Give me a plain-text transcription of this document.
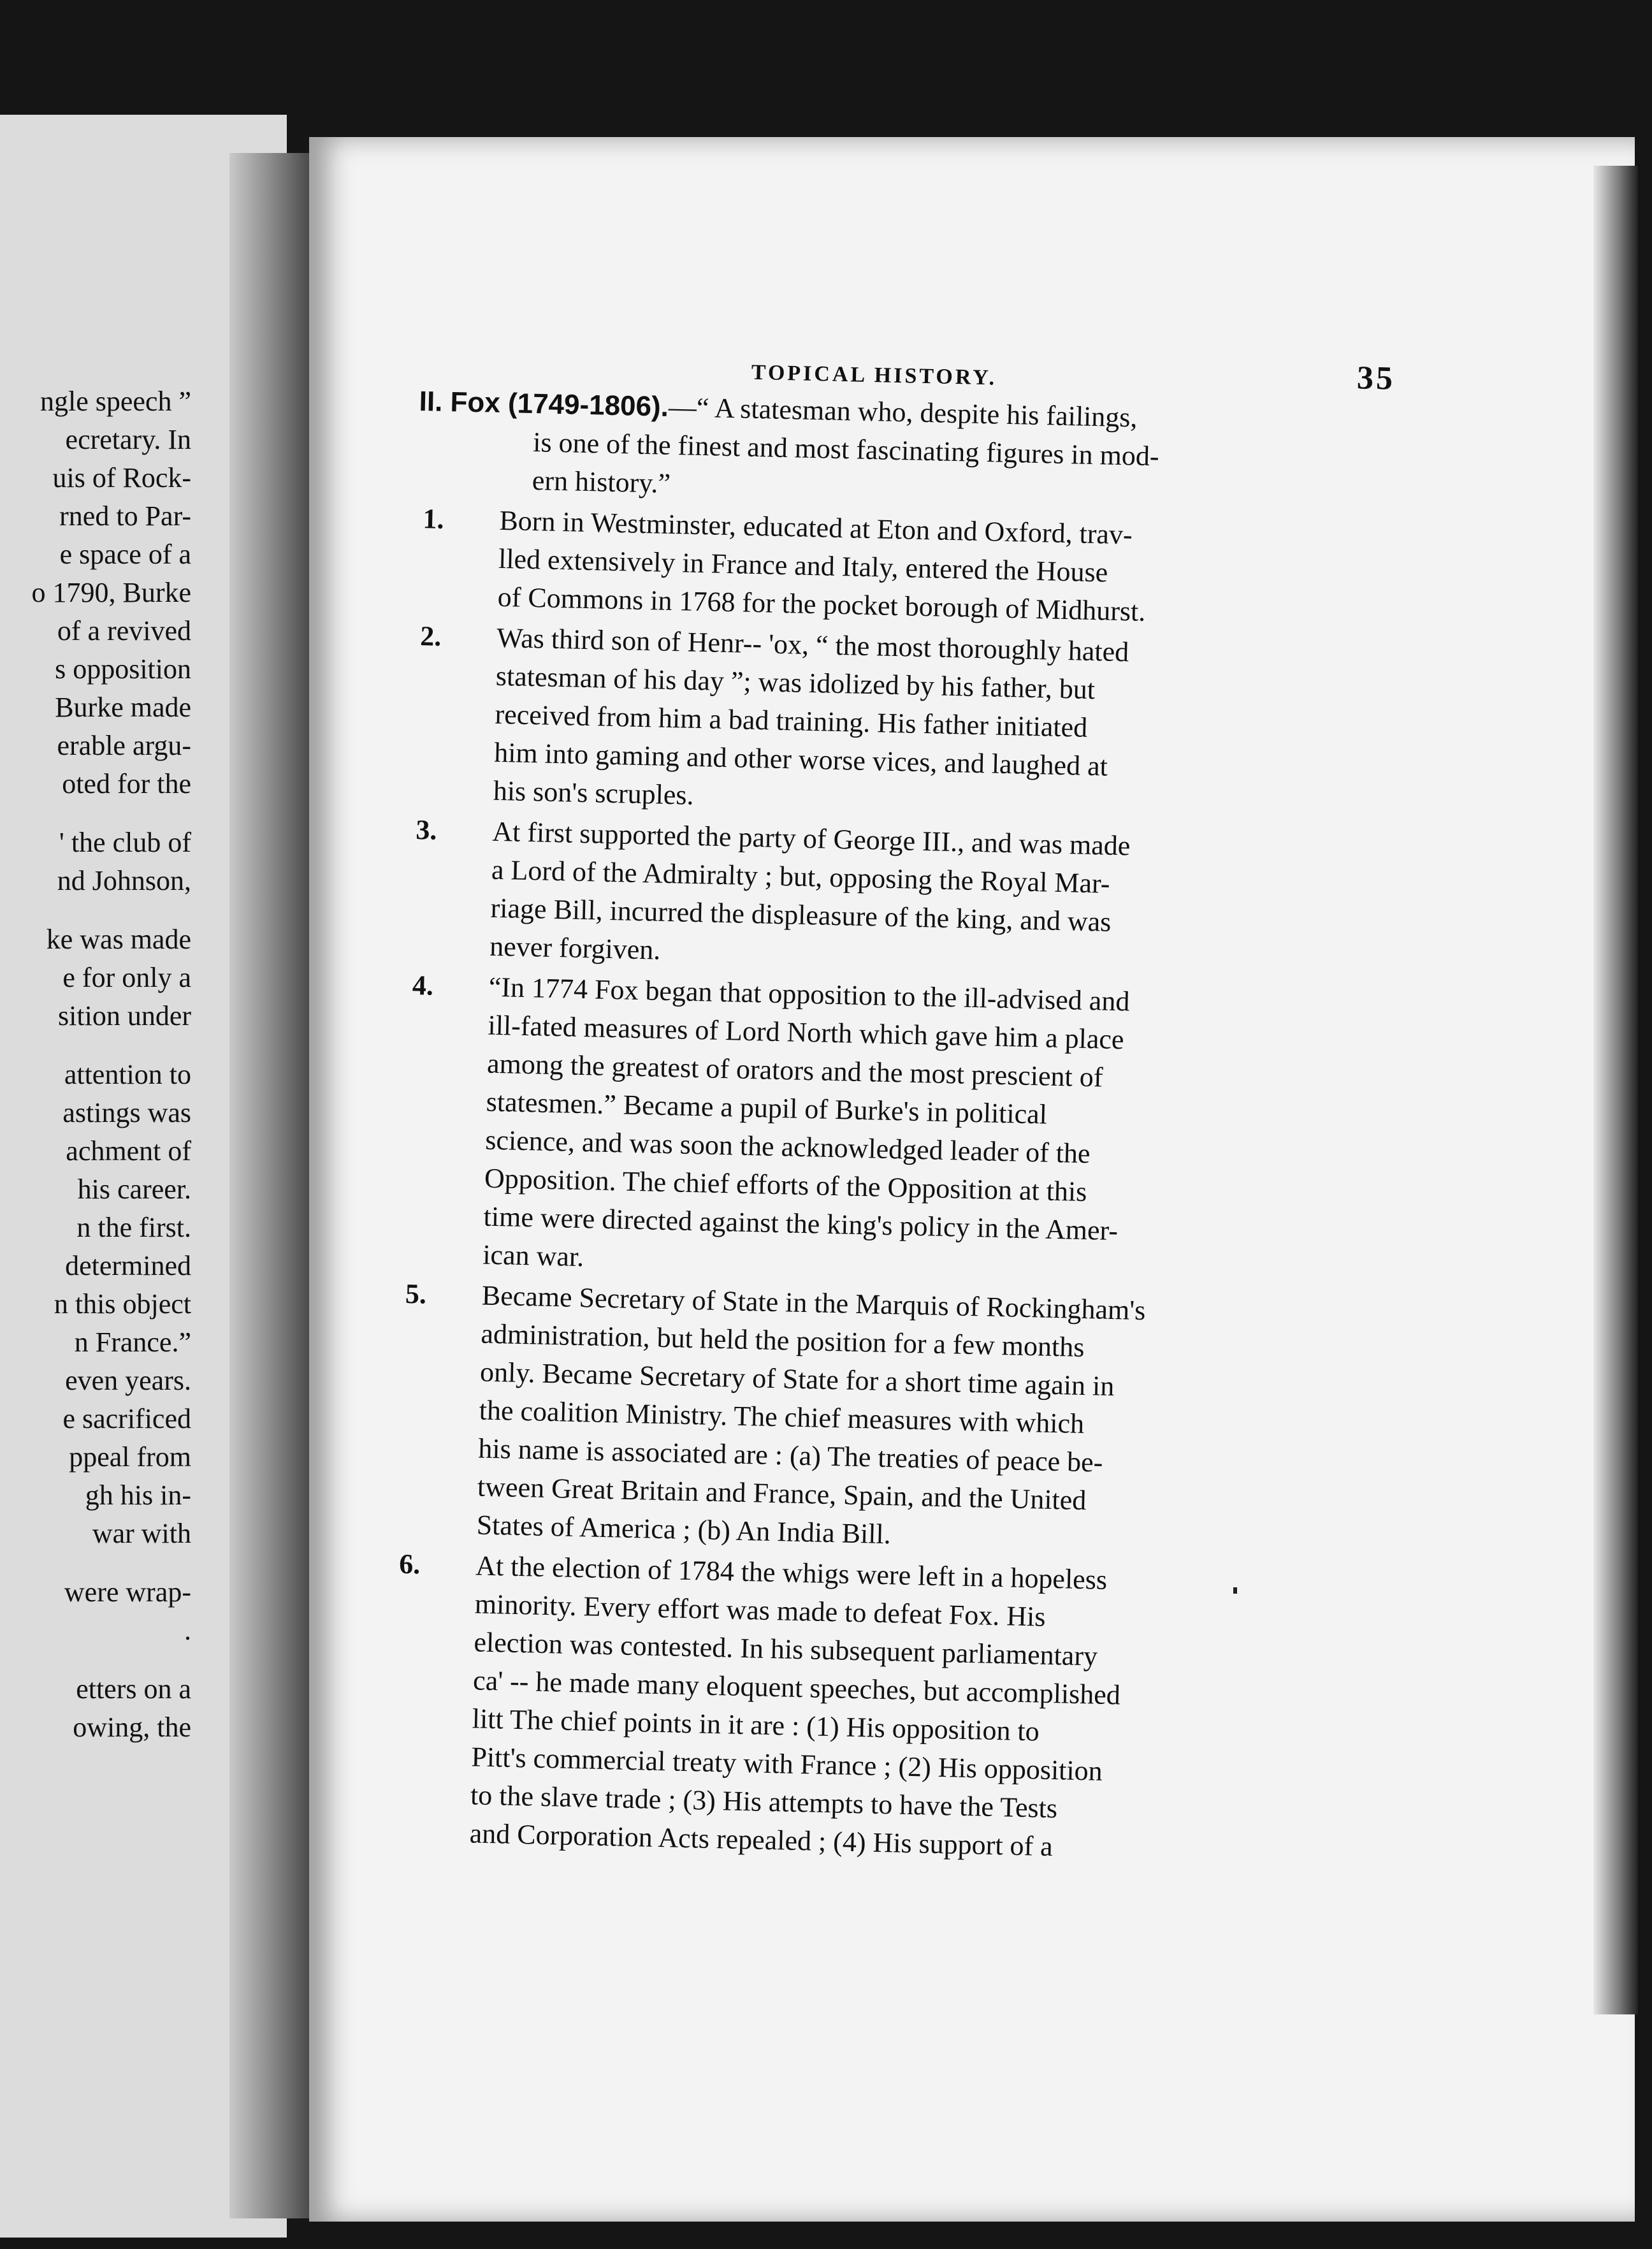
ngle speech ”
ecretary. In
uis of Rock-
rned to Par-
e space of a
o 1790, Burke
of a revived
s opposition
Burke made
erable argu-
oted for the
' the club of
nd Johnson,
ke was made
e for only a
sition under
attention to
astings was
achment of
his career.
n the first.
determined
n this object
n France.”
even years.
e sacrificed
ppeal from
gh his in-
war with
were wrap-
.
etters on a
owing, the
TOPICAL HISTORY.	35
II. Fox (1749-1806).—“ A statesman who, despite his failings,
is one of the finest and most fascinating figures in mod-
ern history.”
1. Born in Westminster, educated at Eton and Oxford, trav-
lled extensively in France and Italy, entered the House
of Commons in 1768 for the pocket borough of Midhurst.
2. Was third son of Henr-- 'ox, “ the most thoroughly hated
statesman of his day ”; was idolized by his father, but
received from him a bad training. His father initiated
him into gaming and other worse vices, and laughed at
his son's scruples.
3. At first supported the party of George III., and was made
a Lord of the Admiralty ; but, opposing the Royal Mar-
riage Bill, incurred the displeasure of the king, and was
never forgiven.
4. “In 1774 Fox began that opposition to the ill-advised and
ill-fated measures of Lord North which gave him a place
among the greatest of orators and the most prescient of
statesmen.” Became a pupil of Burke's in political
science, and was soon the acknowledged leader of the
Opposition. The chief efforts of the Opposition at this
time were directed against the king's policy in the Amer-
ican war.
5. Became Secretary of State in the Marquis of Rockingham's
administration, but held the position for a few months
only. Became Secretary of State for a short time again in
the coalition Ministry. The chief measures with which
his name is associated are : (a) The treaties of peace be-
tween Great Britain and France, Spain, and the United
States of America ; (b) An India Bill.
6. At the election of 1784 the whigs were left in a hopeless
minority. Every effort was made to defeat Fox. His
election was contested. In his subsequent parliamentary
ca' -- he made many eloquent speeches, but accomplished
litt The chief points in it are : (1) His opposition to
Pitt's commercial treaty with France ; (2) His opposition
to the slave trade ; (3) His attempts to have the Tests
and Corporation Acts repealed ; (4) His support of a
